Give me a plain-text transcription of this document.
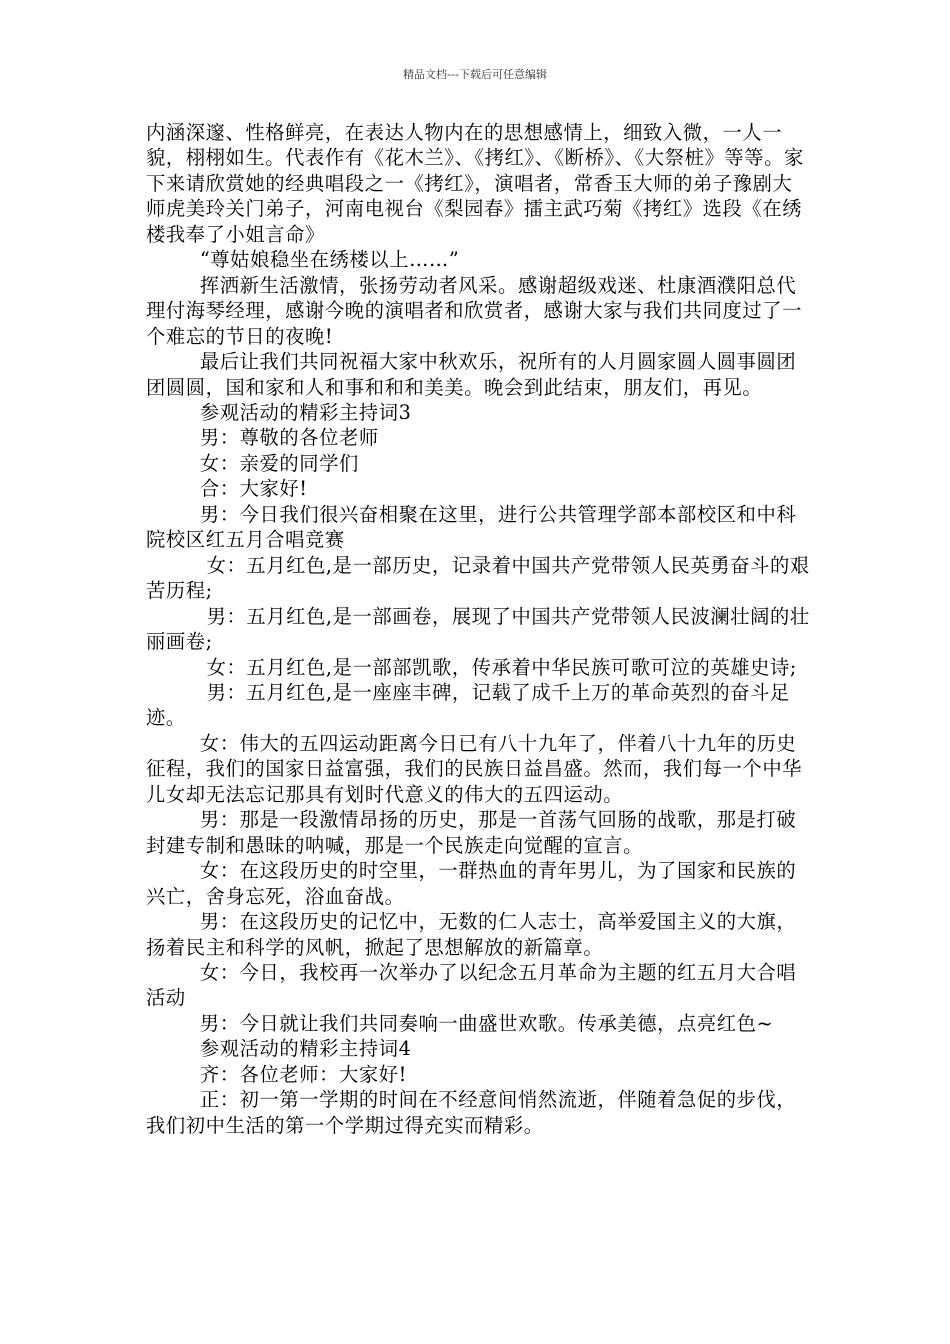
精品文档---下载后可任意编辑

内涵深邃、性格鲜亮，在表达人物内在的思想感情上，细致入微，一人一貌，栩栩如生。代表作有《花木兰》、《拷红》、《断桥》、《大祭桩》等等。家下来请欣赏她的经典唱段之一《拷红》，演唱者，常香玉大师的弟子豫剧大师虎美玲关门弟子，河南电视台《梨园春》擂主武巧菊《拷红》选段《在绣楼我奉了小姐言命》

“尊姑娘稳坐在绣楼以上……”

挥洒新生活激情，张扬劳动者风采。感谢超级戏迷、杜康酒濮阳总代理付海琴经理，感谢今晚的演唱者和欣赏者，感谢大家与我们共同度过了一个难忘的节日的夜晚!

最后让我们共同祝福大家中秋欢乐，祝所有的人月圆家圆人圆事圆团团圆圆，国和家和人和事和和和美美。晚会到此结束，朋友们，再见。

参观活动的精彩主持词3

男：尊敬的各位老师

女：亲爱的同学们

合：大家好!

男：今日我们很兴奋相聚在这里，进行公共管理学部本部校区和中科院校区红五月合唱竞赛

女：五月红色,是一部历史，记录着中国共产党带领人民英勇奋斗的艰苦历程;

男：五月红色,是一部画卷，展现了中国共产党带领人民波澜壮阔的壮丽画卷;

女：五月红色,是一部部凯歌，传承着中华民族可歌可泣的英雄史诗;

男：五月红色,是一座座丰碑，记载了成千上万的革命英烈的奋斗足迹。

女：伟大的五四运动距离今日已有八十九年了，伴着八十九年的历史征程，我们的国家日益富强，我们的民族日益昌盛。然而，我们每一个中华儿女却无法忘记那具有划时代意义的伟大的五四运动。

男：那是一段激情昂扬的历史，那是一首荡气回肠的战歌，那是打破封建专制和愚昧的呐喊，那是一个民族走向觉醒的宣言。

女：在这段历史的时空里，一群热血的青年男儿，为了国家和民族的兴亡，舍身忘死，浴血奋战。

男：在这段历史的记忆中，无数的仁人志士，高举爱国主义的大旗，扬着民主和科学的风帆，掀起了思想解放的新篇章。

女：今日，我校再一次举办了以纪念五月革命为主题的红五月大合唱活动

男：今日就让我们共同奏响一曲盛世欢歌。传承美德，点亮红色~

参观活动的精彩主持词4

齐：各位老师：大家好!

正：初一第一学期的时间在不经意间悄然流逝，伴随着急促的步伐，我们初中生活的第一个学期过得充实而精彩。
